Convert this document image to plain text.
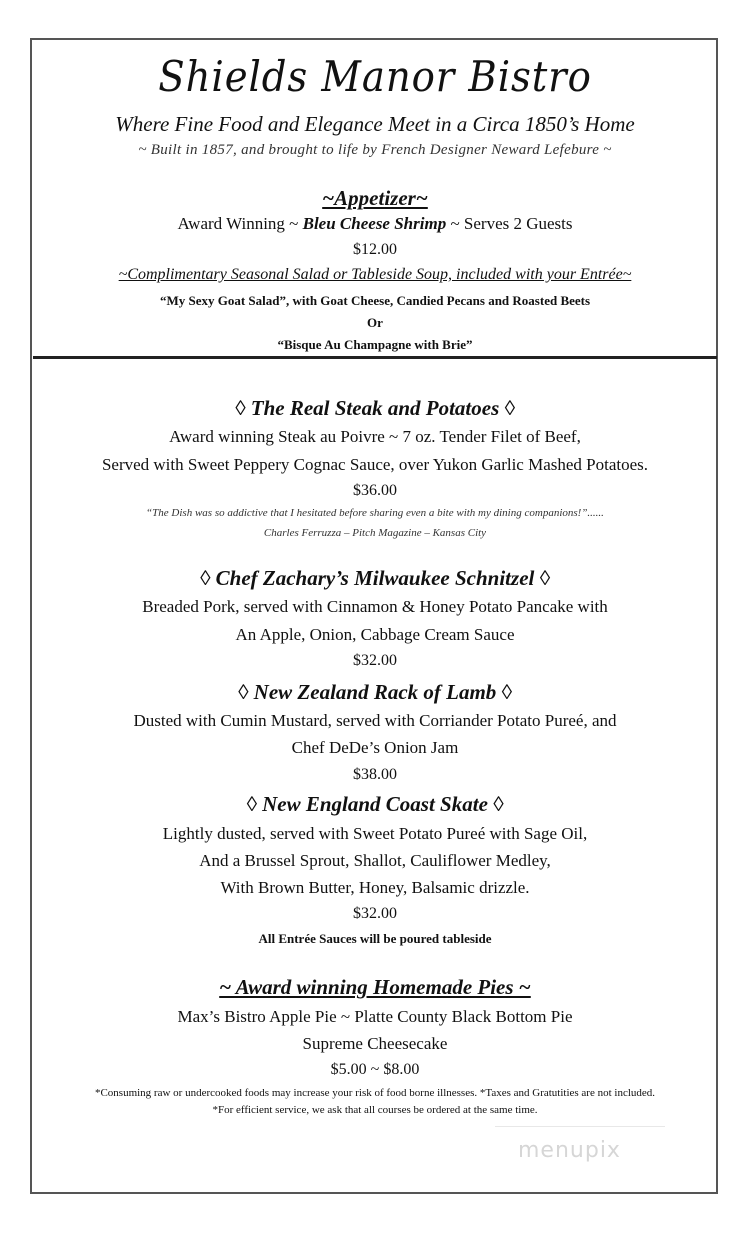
Shields Manor Bistro
Where Fine Food and Elegance Meet in a Circa 1850’s Home
~ Built in 1857, and brought to life by French Designer Neward Lefebure ~
~Appetizer~
Award Winning ~ Bleu Cheese Shrimp ~ Serves 2 Guests
$12.00
~Complimentary Seasonal Salad or Tableside Soup, included with your Entrée~
“My Sexy Goat Salad”, with Goat Cheese, Candied Pecans and Roasted Beets
Or
“Bisque Au Champagne with Brie”
◊ The Real Steak and Potatoes ◊
Award winning Steak au Poivre ~ 7 oz. Tender Filet of Beef,
Served with Sweet Peppery Cognac Sauce, over Yukon Garlic Mashed Potatoes.
$36.00
“The Dish was so addictive that I hesitated before sharing even a bite with my dining companions!”......
Charles Ferruzza – Pitch Magazine – Kansas City
◊ Chef Zachary’s Milwaukee Schnitzel ◊
Breaded Pork, served with Cinnamon & Honey Potato Pancake with
An Apple, Onion, Cabbage Cream Sauce
$32.00
◊ New Zealand Rack of Lamb ◊
Dusted with Cumin Mustard, served with Corriander Potato Pureé, and
Chef DeDe’s Onion Jam
$38.00
◊ New England Coast Skate ◊
Lightly dusted, served with Sweet Potato Pureé with Sage Oil,
And a Brussel Sprout, Shallot, Cauliflower Medley,
With Brown Butter, Honey, Balsamic drizzle.
$32.00
All Entrée Sauces will be poured tableside
~ Award winning Homemade Pies ~
Max’s Bistro Apple Pie ~ Platte County Black Bottom Pie
Supreme Cheesecake
$5.00 ~ $8.00
*Consuming raw or undercooked foods may increase your risk of food borne illnesses. *Taxes and Gratutities are not included.
*For efficient service, we ask that all courses be ordered at the same time.
menupix
